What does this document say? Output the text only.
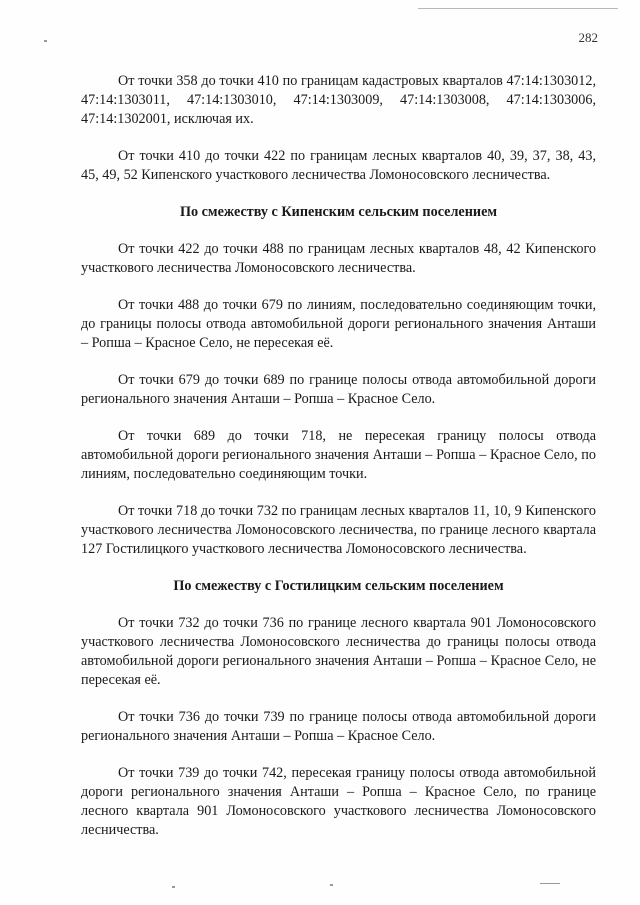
282

От точки 358 до точки 410 по границам кадастровых кварталов 47:14:1303012, 47:14:1303011, 47:14:1303010, 47:14:1303009, 47:14:1303008, 47:14:1303006, 47:14:1302001, исключая их.

От точки 410 до точки 422 по границам лесных кварталов 40, 39, 37, 38, 43, 45, 49, 52 Кипенского участкового лесничества Ломоносовского лесничества.

По смежеству с Кипенским сельским поселением

От точки 422 до точки 488 по границам лесных кварталов 48, 42 Кипенского участкового лесничества Ломоносовского лесничества.

От точки 488 до точки 679 по линиям, последовательно соединяющим точки, до границы полосы отвода автомобильной дороги регионального значения Анташи – Ропша – Красное Село, не пересекая её.

От точки 679 до точки 689 по границе полосы отвода автомобильной дороги регионального значения Анташи – Ропша – Красное Село.

От точки 689 до точки 718, не пересекая границу полосы отвода автомобильной дороги регионального значения Анташи – Ропша – Красное Село, по линиям, последовательно соединяющим точки.

От точки 718 до точки 732 по границам лесных кварталов 11, 10, 9 Кипенского участкового лесничества Ломоносовского лесничества, по границе лесного квартала 127 Гостилицкого участкового лесничества Ломоносовского лесничества.

По смежеству с Гостилицким сельским поселением

От точки 732 до точки 736 по границе лесного квартала 901 Ломоносовского участкового лесничества Ломоносовского лесничества до границы полосы отвода автомобильной дороги регионального значения Анташи – Ропша – Красное Село, не пересекая её.

От точки 736 до точки 739 по границе полосы отвода автомобильной дороги регионального значения Анташи – Ропша – Красное Село.

От точки 739 до точки 742, пересекая границу полосы отвода автомобильной дороги регионального значения Анташи – Ропша – Красное Село, по границе лесного квартала 901 Ломоносовского участкового лесничества Ломоносовского лесничества.
